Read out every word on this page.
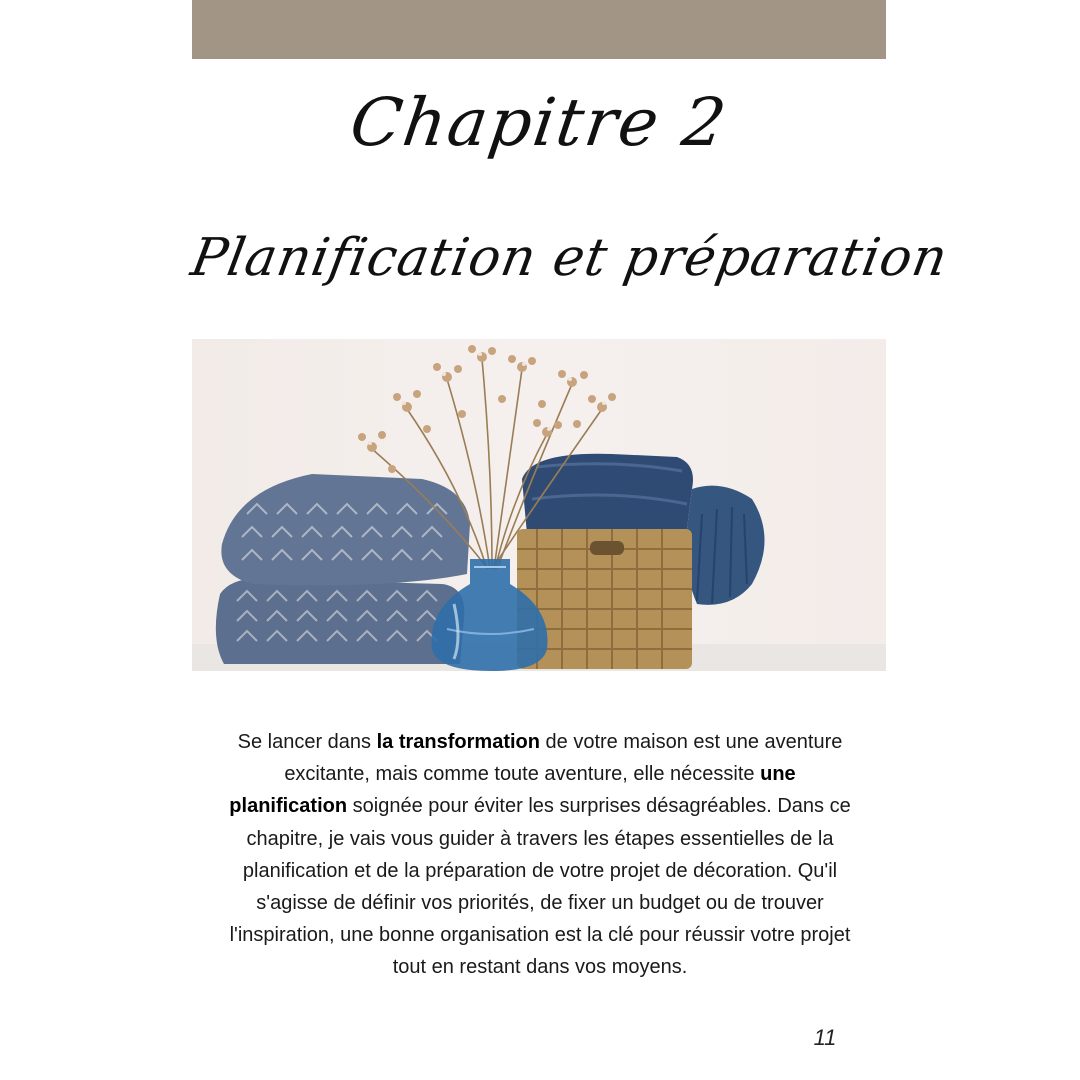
Chapitre 2
Planification et préparation
Se lancer dans la transformation de votre maison est une aventure excitante, mais comme toute aventure, elle nécessite une planification soignée pour éviter les surprises désagréables. Dans ce chapitre, je vais vous guider à travers les étapes essentielles de la planification et de la préparation de votre projet de décoration. Qu'il s'agisse de définir vos priorités, de fixer un budget ou de trouver l'inspiration, une bonne organisation est la clé pour réussir votre projet tout en restant dans vos moyens.
11
